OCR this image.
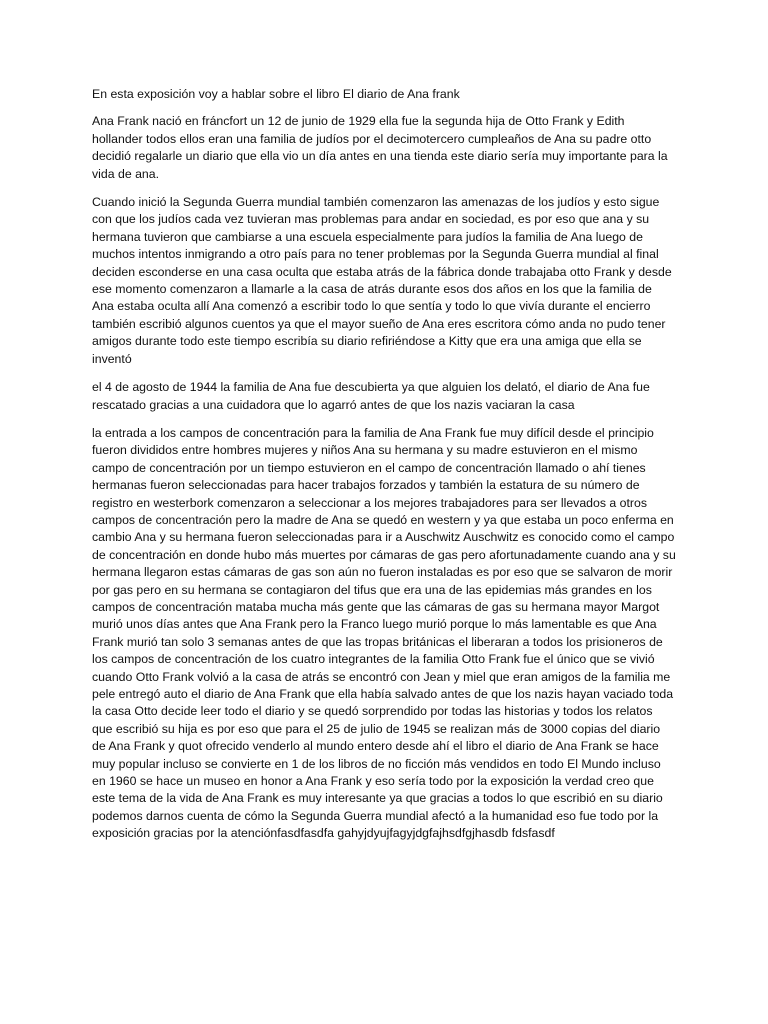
En esta exposición voy a hablar sobre el libro El diario de Ana frank

Ana Frank nació en fráncfort un 12 de junio de 1929 ella fue la segunda hija de Otto Frank y Edith hollander todos ellos eran una familia de judíos por el decimotercero cumpleaños de Ana su padre otto decidió regalarle un diario que ella vio un día antes en una tienda este diario sería muy importante para la vida de ana.

Cuando inició la Segunda Guerra mundial también comenzaron las amenazas de los judíos y esto sigue con que los judíos cada vez tuvieran mas problemas para andar en sociedad, es por eso que ana y su hermana tuvieron que cambiarse a una escuela especialmente para judíos la familia de Ana luego de muchos intentos inmigrando a otro país para no tener problemas por la Segunda Guerra mundial al final deciden esconderse en una casa oculta que estaba atrás de la fábrica donde trabajaba otto Frank y desde ese momento comenzaron a llamarle a la casa de atrás durante esos dos años en los que la familia de Ana estaba oculta allí Ana comenzó a escribir todo lo que sentía y todo lo que vivía durante el encierro también escribió algunos cuentos ya que el mayor sueño de Ana eres escritora cómo anda no pudo tener amigos durante todo este tiempo escribía su diario refiriéndose a Kitty que era una amiga que ella se inventó

el 4 de agosto de 1944 la familia de Ana fue descubierta ya que alguien los delató, el diario de Ana fue rescatado gracias a una cuidadora que lo agarró antes de que los nazis vaciaran la casa

la entrada a los campos de concentración para la familia de Ana Frank fue muy difícil desde el principio fueron divididos entre hombres mujeres y niños Ana su hermana y su madre estuvieron en el mismo campo de concentración por un tiempo estuvieron en el campo de concentración llamado o ahí tienes hermanas fueron seleccionadas para hacer trabajos forzados y también la estatura de su número de registro en westerbork comenzaron a seleccionar a los mejores trabajadores para ser llevados a otros campos de concentración pero la madre de Ana se quedó en western y ya que estaba un poco enferma en cambio Ana y su hermana fueron seleccionadas para ir a Auschwitz Auschwitz es conocido como el campo de concentración en donde hubo más muertes por cámaras de gas pero afortunadamente cuando ana y su hermana llegaron estas cámaras de gas son aún no fueron instaladas es por eso que se salvaron de morir por gas pero en su hermana se contagiaron del tifus que era una de las epidemias más grandes en los campos de concentración mataba mucha más gente que las cámaras de gas su hermana mayor Margot murió unos días antes que Ana Frank pero la Franco luego murió porque lo más lamentable es que Ana Frank murió tan solo 3 semanas antes de que las tropas británicas el liberaran a todos los prisioneros de los campos de concentración de los cuatro integrantes de la familia Otto Frank fue el único que se vivió cuando Otto Frank volvió a la casa de atrás se encontró con Jean y miel que eran amigos de la familia me pele entregó auto el diario de Ana Frank que ella había salvado antes de que los nazis hayan vaciado toda la casa Otto decide leer todo el diario y se quedó sorprendido por todas las historias y todos los relatos que escribió su hija es por eso que para el 25 de julio de 1945 se realizan más de 3000 copias del diario de Ana Frank y quot ofrecido venderlo al mundo entero desde ahí el libro el diario de Ana Frank se hace muy popular incluso se convierte en 1 de los libros de no ficción más vendidos en todo El Mundo incluso en 1960 se hace un museo en honor a Ana Frank y eso sería todo por la exposición la verdad creo que este tema de la vida de Ana Frank es muy interesante ya que gracias a todos lo que escribió en su diario podemos darnos cuenta de cómo la Segunda Guerra mundial afectó a la humanidad eso fue todo por la exposición gracias por la atenciónfasdfasdfa gahyjdyujfagyjdgfajhsdfgjhasdb fdsfasdf
